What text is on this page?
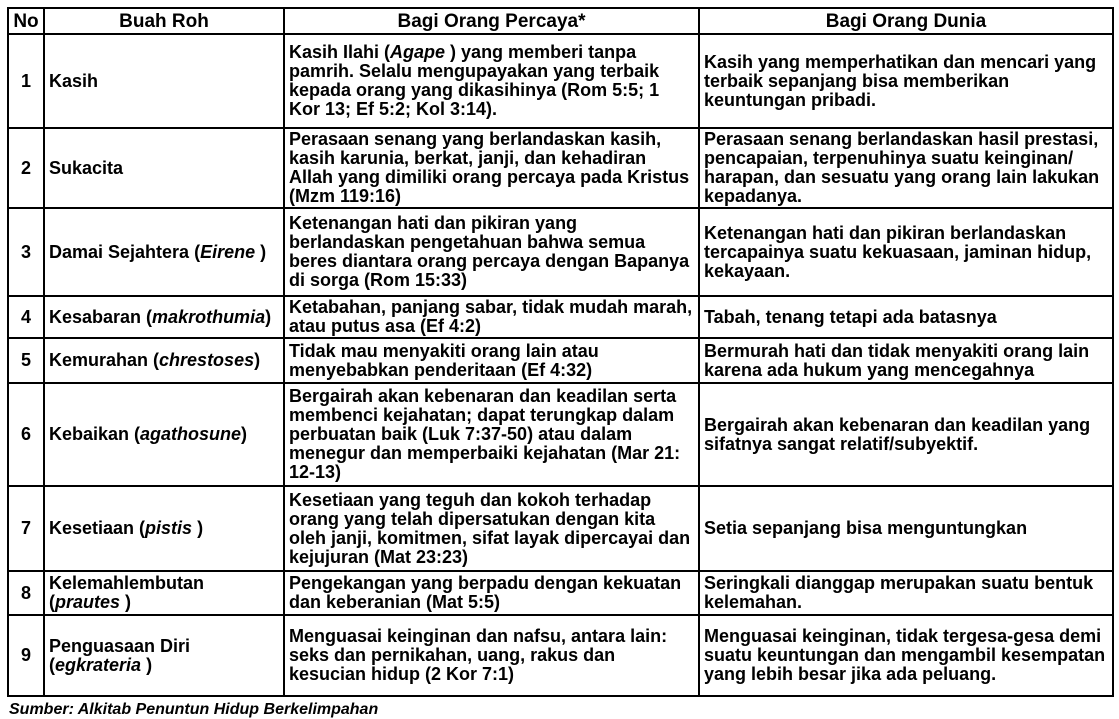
No	Buah Roh	Bagi Orang Percaya*	Bagi Orang Dunia
1	Kasih	Kasih Ilahi (Agape ) yang memberi tanpa pamrih. Selalu mengupayakan yang terbaik kepada orang yang dikasihinya (Rom 5:5; 1 Kor 13; Ef 5:2; Kol 3:14).	Kasih yang memperhatikan dan mencari yang terbaik sepanjang bisa memberikan keuntungan pribadi.
2	Sukacita	Perasaan senang yang berlandaskan kasih, kasih karunia, berkat, janji, dan kehadiran Allah yang dimiliki orang percaya pada Kristus (Mzm 119:16)	Perasaan senang berlandaskan hasil prestasi, pencapaian, terpenuhinya suatu keinginan/ harapan, dan sesuatu yang orang lain lakukan kepadanya.
3	Damai Sejahtera (Eirene )	Ketenangan hati dan pikiran yang berlandaskan pengetahuan bahwa semua beres diantara orang percaya dengan Bapanya di sorga (Rom 15:33)	Ketenangan hati dan pikiran berlandaskan tercapainya suatu kekuasaan, jaminan hidup, kekayaan.
4	Kesabaran (makrothumia)	Ketabahan, panjang sabar, tidak mudah marah, atau putus asa (Ef 4:2)	Tabah, tenang tetapi ada batasnya
5	Kemurahan (chrestoses)	Tidak mau menyakiti orang lain atau menyebabkan penderitaan (Ef 4:32)	Bermurah hati dan tidak menyakiti orang lain karena ada hukum yang mencegahnya
6	Kebaikan (agathosune)	Bergairah akan kebenaran dan keadilan serta membenci kejahatan; dapat terungkap dalam perbuatan baik (Luk 7:37-50) atau dalam menegur dan memperbaiki kejahatan (Mar 21: 12-13)	Bergairah akan kebenaran dan keadilan yang sifatnya sangat relatif/subyektif.
7	Kesetiaan (pistis )	Kesetiaan yang teguh dan kokoh terhadap orang yang telah dipersatukan dengan kita oleh janji, komitmen, sifat layak dipercayai dan kejujuran (Mat 23:23)	Setia sepanjang bisa menguntungkan
8	Kelemahlembutan (prautes )	Pengekangan yang berpadu dengan kekuatan dan keberanian (Mat 5:5)	Seringkali dianggap merupakan suatu bentuk kelemahan.
9	Penguasaan Diri (egkrateria )	Menguasai keinginan dan nafsu, antara lain: seks dan pernikahan, uang, rakus dan kesucian hidup (2 Kor 7:1)	Menguasai keinginan, tidak tergesa-gesa demi suatu keuntungan dan mengambil kesempatan yang lebih besar jika ada peluang.
Sumber: Alkitab Penuntun Hidup Berkelimpahan
